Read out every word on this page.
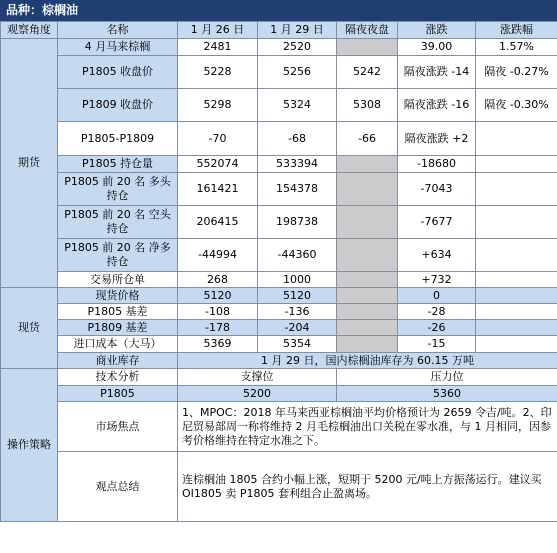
品种：棕榈油
观察角度	名称	1 月 26 日	1 月 29 日	隔夜夜盘	涨跌	涨跌幅
期货	4 月马来棕榈	2481	2520		39.00	1.57%
	P1805 收盘价	5228	5256	5242	隔夜涨跌 -14	隔夜 -0.27%
	P1809 收盘价	5298	5324	5308	隔夜涨跌 -16	隔夜 -0.30%
	P1805-P1809	-70	-68	-66	隔夜涨跌 +2	
	P1805 持仓量	552074	533394		-18680	
	P1805 前 20 名 多头持仓	161421	154378		-7043	
	P1805 前 20 名 空头持仓	206415	198738		-7677	
	P1805 前 20 名 净多持仓	-44994	-44360		+634	
	交易所仓单	268	1000		+732	
现货	现货价格	5120	5120		0	
	P1805 基差	-108	-136		-28	
	P1809 基差	-178	-204		-26	
	进口成本（大马）	5369	5354		-15	
	商业库存	1 月 29 日，国内棕榈油库存为 60.15 万吨				
操作策略	技术分析	支撑位		压力位		
	P1805	5200		5360		
	市场焦点	1、MPOC：2018 年马来西亚棕榈油平均价格预计为 2659 令吉/吨。2、印尼贸易部周一称将维持 2 月毛棕榈油出口关税在零水准，与 1 月相同，因参考价格维持在特定水准之下。				
	观点总结	连棕榈油 1805 合约小幅上涨，短期于 5200 元/吨上方振荡运行。建议买 OI1805 卖 P1805 套利组合止盈离场。				
